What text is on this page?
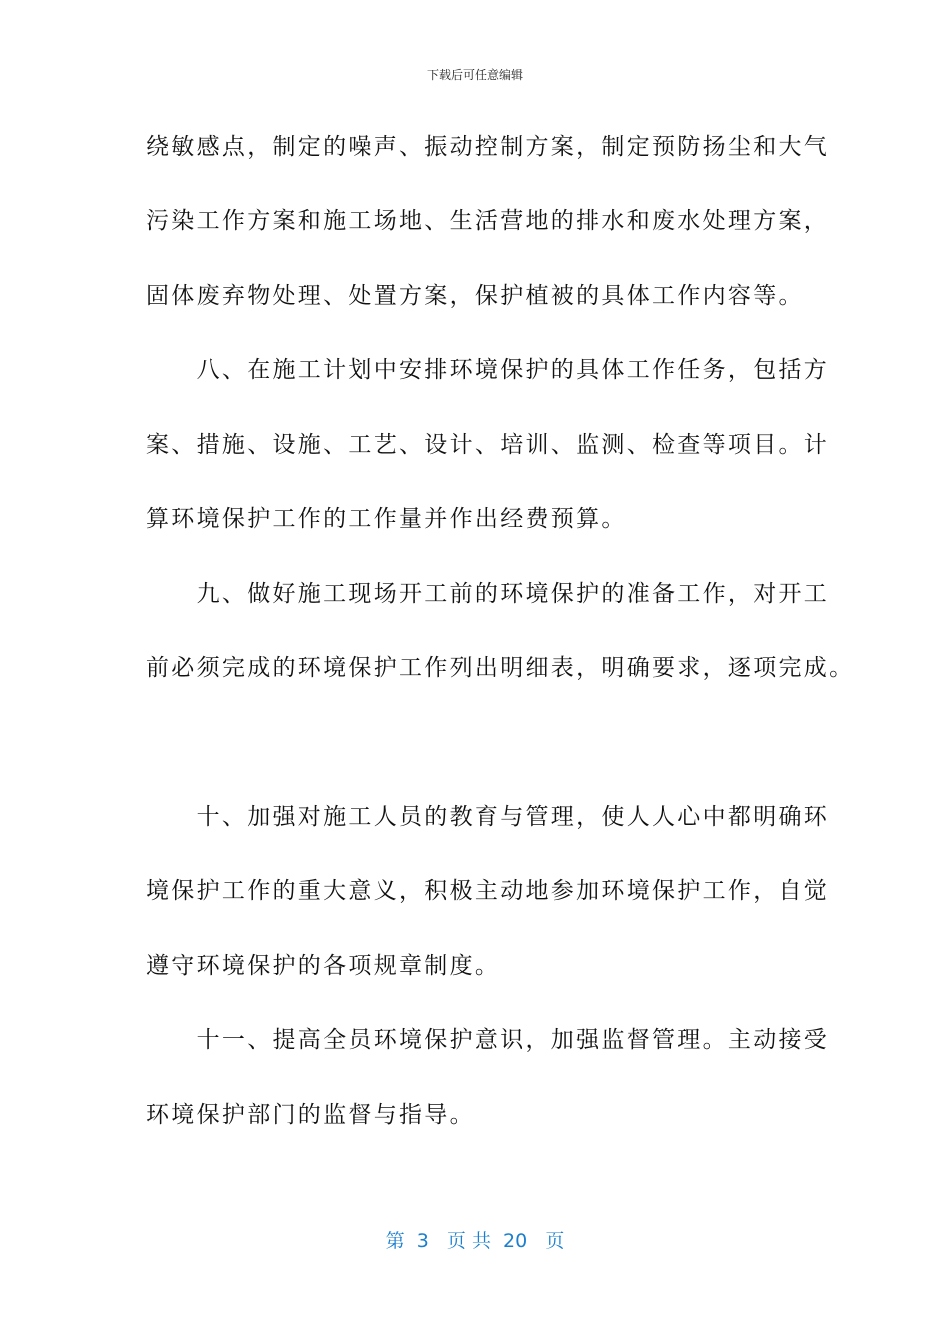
下载后可任意编辑
绕敏感点，制定的噪声、振动控制方案，制定预防扬尘和大气
污染工作方案和施工场地、生活营地的排水和废水处理方案，
固体废弃物处理、处置方案，保护植被的具体工作内容等。
　　八、在施工计划中安排环境保护的具体工作任务，包括方
案、措施、设施、工艺、设计、培训、监测、检查等项目。计
算环境保护工作的工作量并作出经费预算。
　　九、做好施工现场开工前的环境保护的准备工作，对开工
前必须完成的环境保护工作列出明细表，明确要求，逐项完成。
　　十、加强对施工人员的教育与管理，使人人心中都明确环
境保护工作的重大意义，积极主动地参加环境保护工作，自觉
遵守环境保护的各项规章制度。
　　十一、提高全员环境保护意识，加强监督管理。主动接受
环境保护部门的监督与指导。
第  3   页 共  20   页
